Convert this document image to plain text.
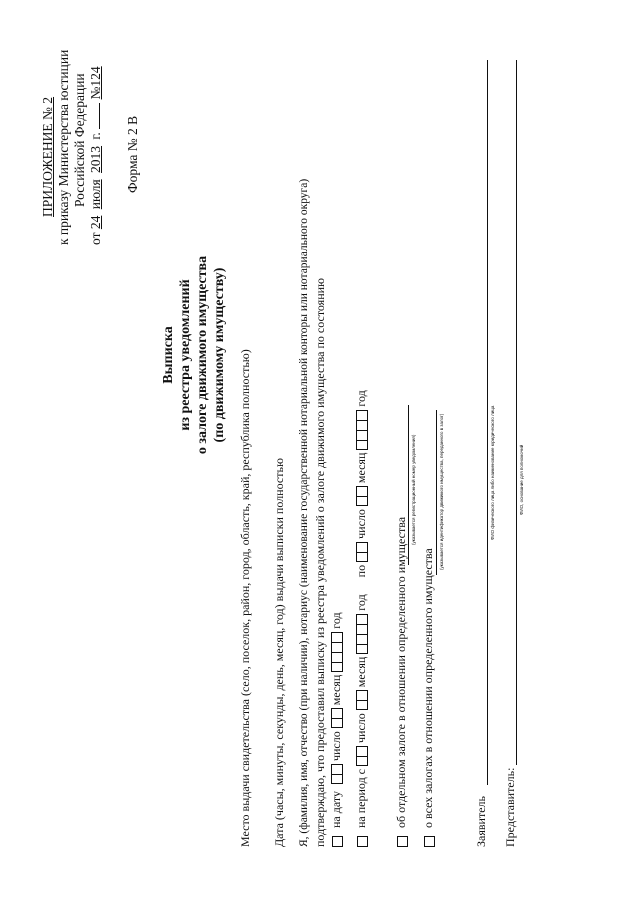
ПРИЛОЖЕНИЕ № 2 к приказу Министерства юстиции Российской Федерации
от 24 июля 2013 г.  №124
Форма № 2 В
Выписка из реестра уведомлений о залоге движимого имущества (по движимому имуществу) Место выдачи свидетельства (село, поселок, район, город, область, край, республика полностью) Дата (часы, минуты, секунды, день, месяц, год) выдачи выписки полностью Я, (фамилия, имя, отчество (при наличии), нотариус (наименование государственной нотариальной конторы или нотариального округа) подтверждаю, что предоставил выписку из реестра уведомлений о залоге движимого имущества по состоянию на дату  число  месяц  год
на период с  число  месяц  год по  число  месяц  год
об отдельном залоге в отношении определенного имущества
(указывается регистрационный номер уведомления)
о всех залогах в отношении определенного имущества
(указывается идентификатор движимого имущества, переданного в залог)
Заявитель
ФИО физического лица либо наименование юридического лица
Представитель:
ФИО, основание для полномочий
